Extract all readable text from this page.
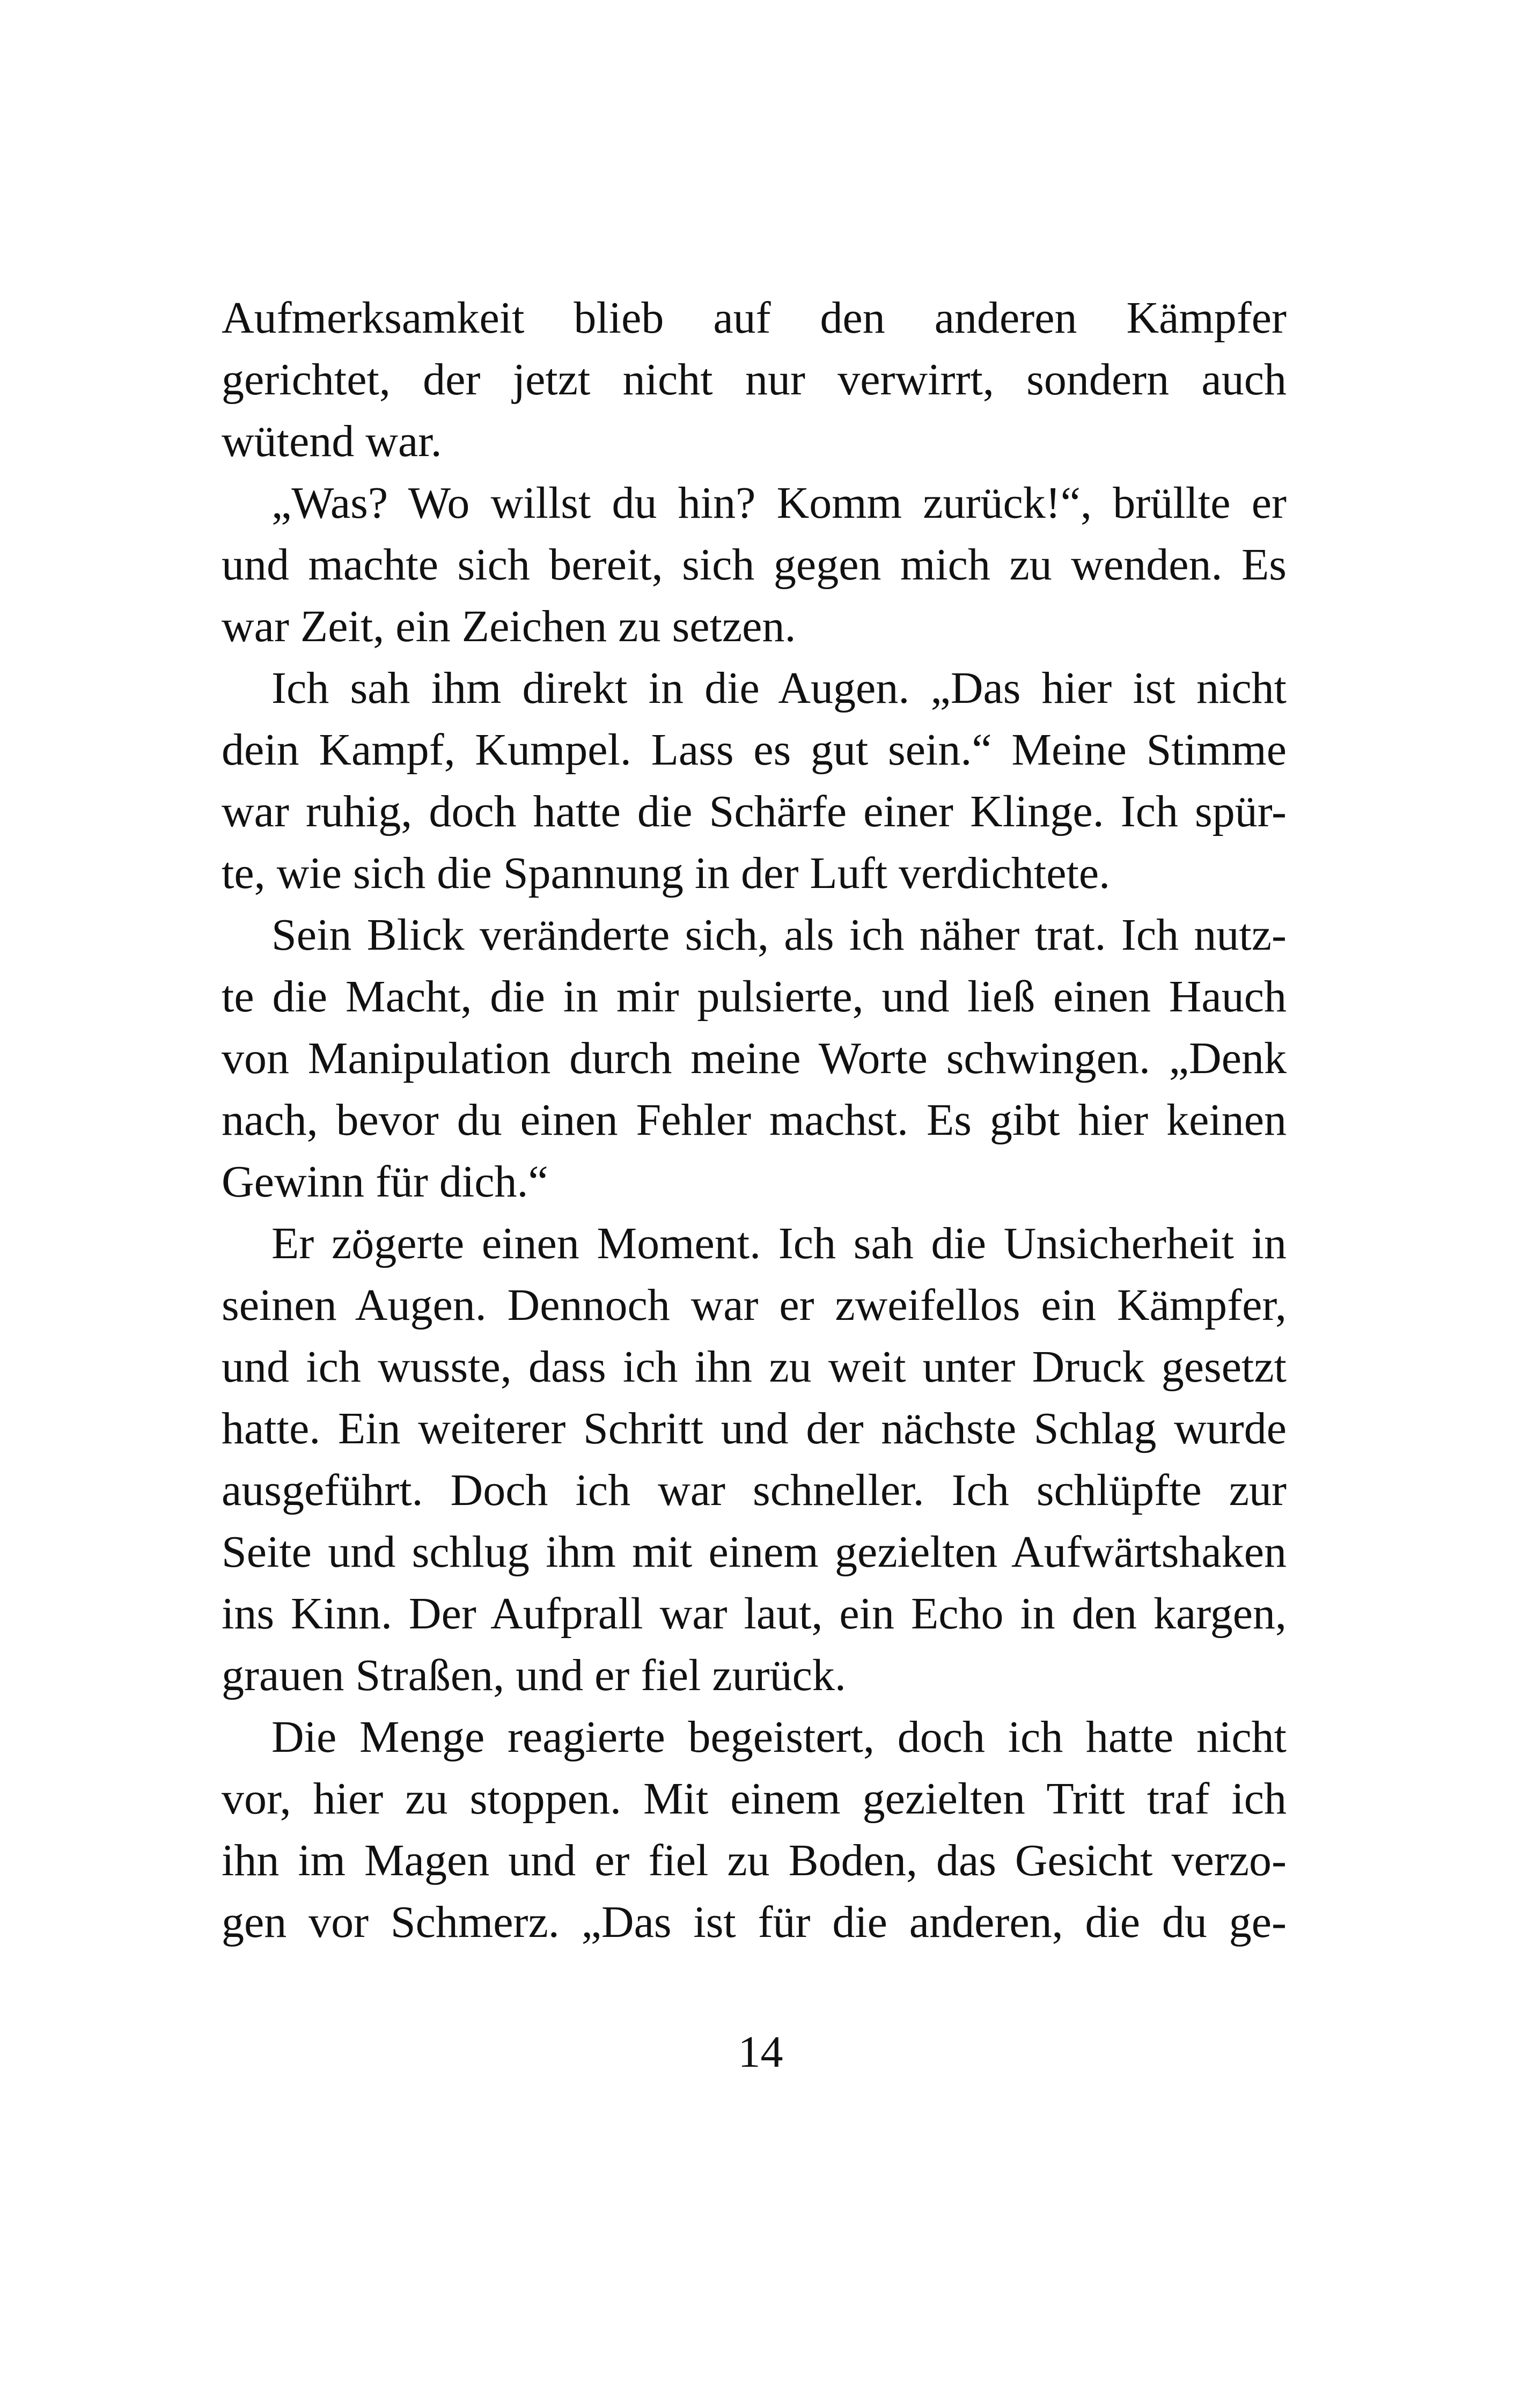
Aufmerksamkeit blieb auf den anderen Kämpfer
gerichtet, der jetzt nicht nur verwirrt, sondern auch
wütend war.
„Was? Wo willst du hin? Komm zurück!“, brüllte er
und machte sich bereit, sich gegen mich zu wenden. Es
war Zeit, ein Zeichen zu setzen.
Ich sah ihm direkt in die Augen. „Das hier ist nicht
dein Kampf, Kumpel. Lass es gut sein.“ Meine Stimme
war ruhig, doch hatte die Schärfe einer Klinge. Ich spür-
te, wie sich die Spannung in der Luft verdichtete.
Sein Blick veränderte sich, als ich näher trat. Ich nutz-
te die Macht, die in mir pulsierte, und ließ einen Hauch
von Manipulation durch meine Worte schwingen. „Denk
nach, bevor du einen Fehler machst. Es gibt hier keinen
Gewinn für dich.“
Er zögerte einen Moment. Ich sah die Unsicherheit in
seinen Augen. Dennoch war er zweifellos ein Kämpfer,
und ich wusste, dass ich ihn zu weit unter Druck gesetzt
hatte. Ein weiterer Schritt und der nächste Schlag wurde
ausgeführt. Doch ich war schneller. Ich schlüpfte zur
Seite und schlug ihm mit einem gezielten Aufwärtshaken
ins Kinn. Der Aufprall war laut, ein Echo in den kargen,
grauen Straßen, und er fiel zurück.
Die Menge reagierte begeistert, doch ich hatte nicht
vor, hier zu stoppen. Mit einem gezielten Tritt traf ich
ihn im Magen und er fiel zu Boden, das Gesicht verzo-
gen vor Schmerz. „Das ist für die anderen, die du ge-
14
